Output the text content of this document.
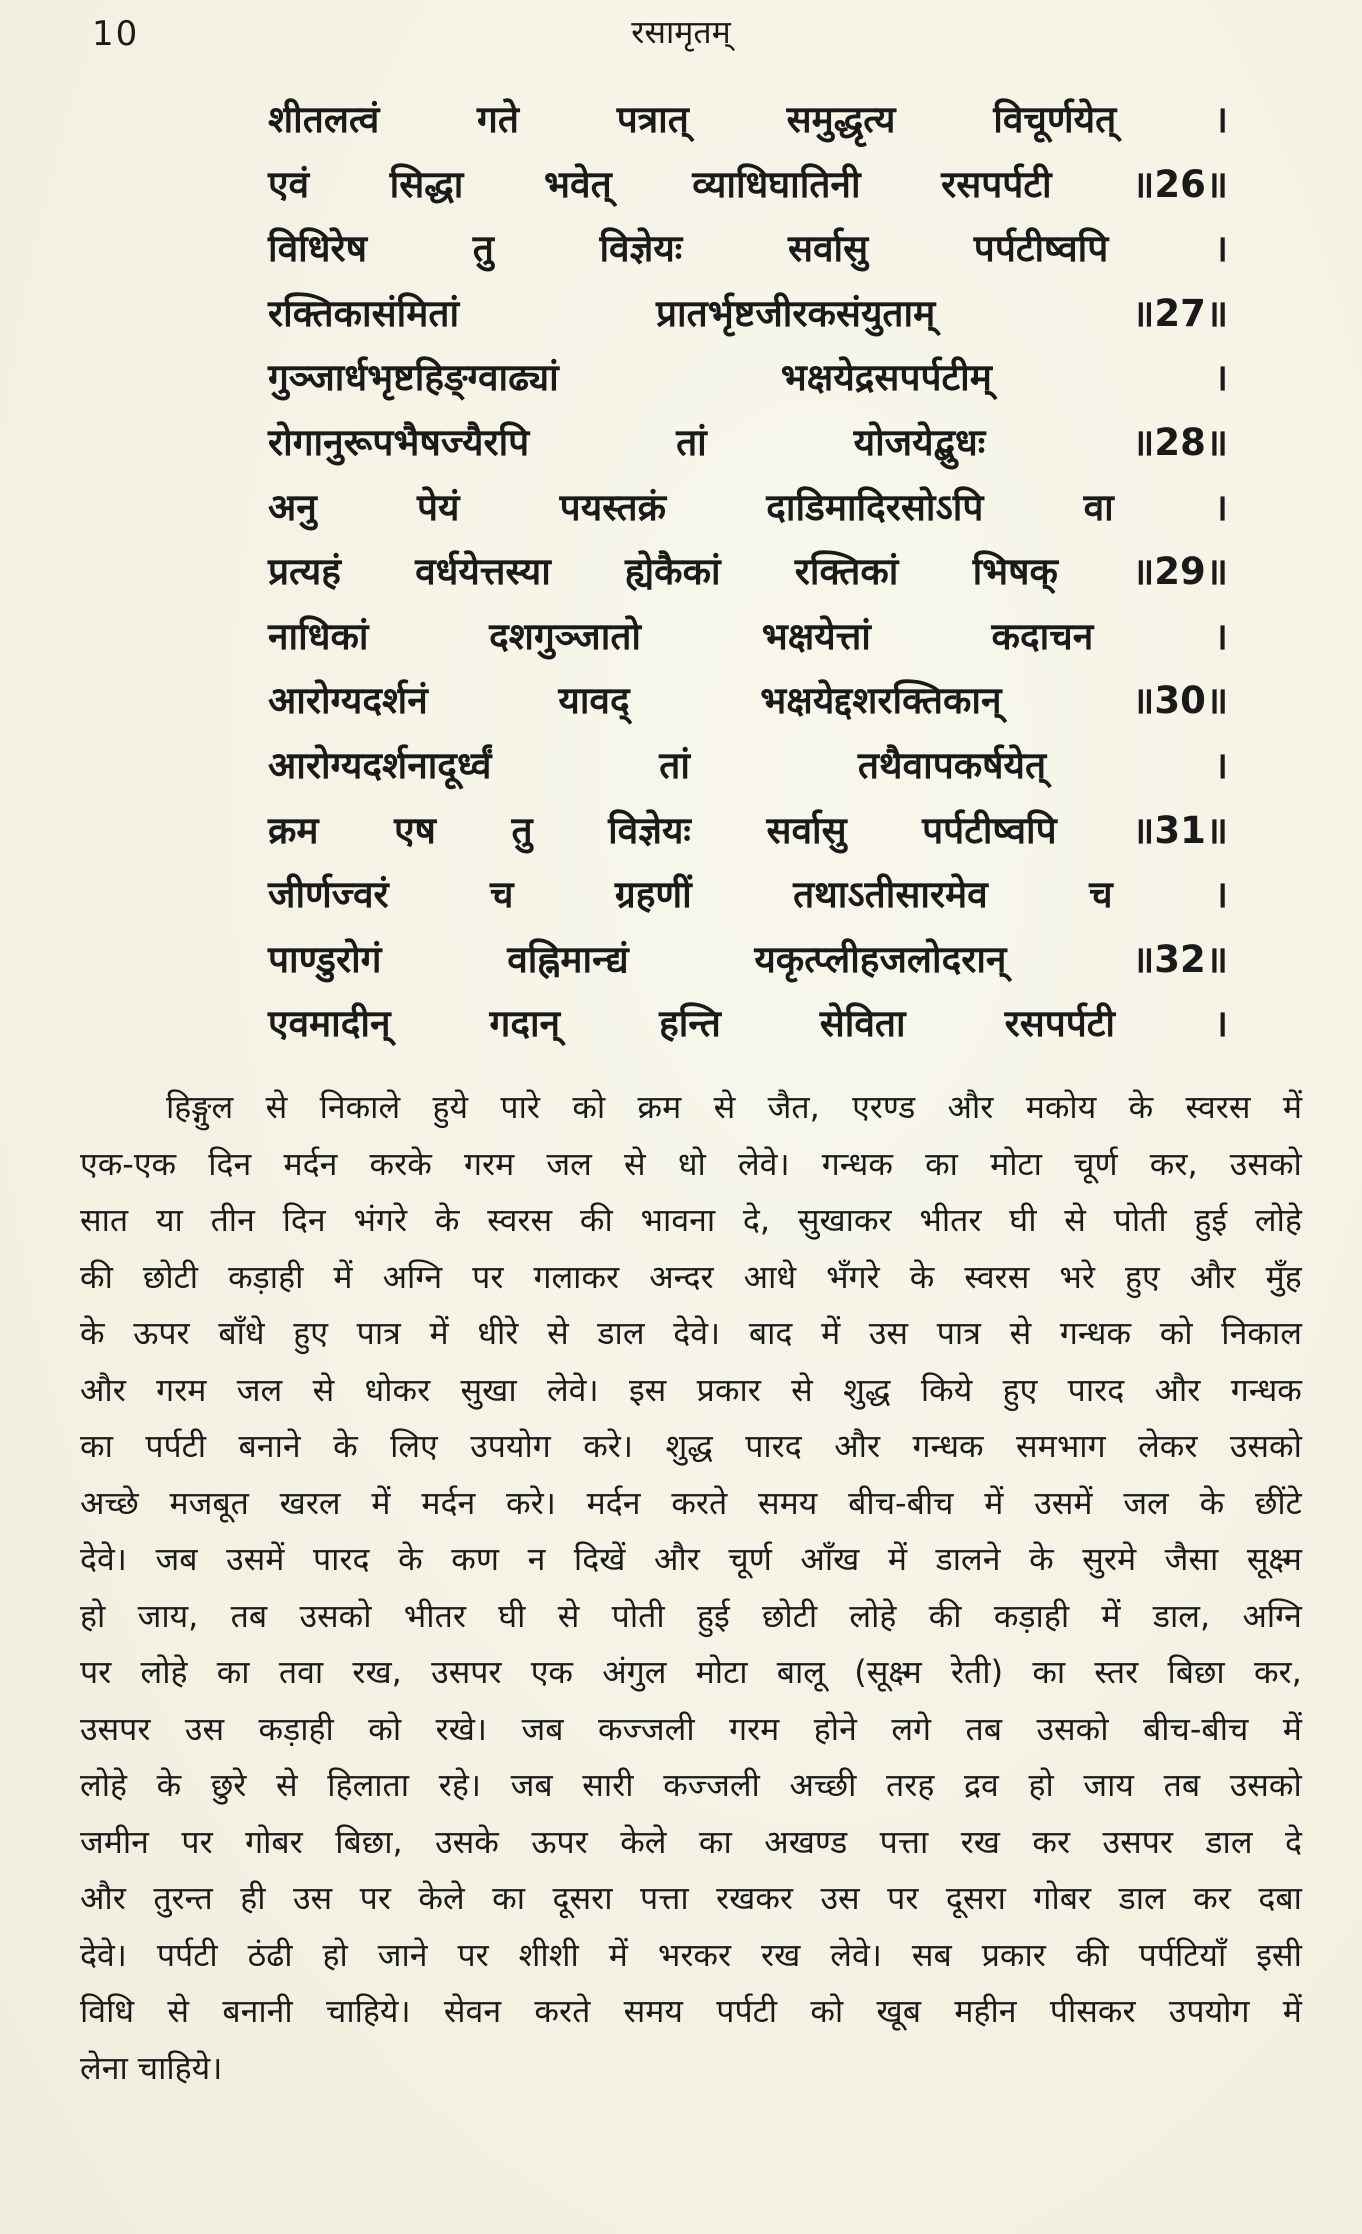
10	रसामृतम्
शीतलत्वं	गते	पत्रात्	समुद्धृत्य	विचूर्णयेत्	।
एवं सिद्धा भवेत् व्याधिघातिनी रसपर्पटी ॥26॥
विधिरेष	तु	विज्ञेयः	सर्वासु	पर्पटीष्वपि	।
रक्तिकासंमितां	प्रातर्भृष्टजीरकसंयुताम्	॥27॥
गुञ्जार्धभृष्टहिङ्ग्वाढ्यां	भक्षयेद्रसपर्पटीम्	।
रोगानुरूपभैषज्यैरपि	तां	योजयेद्बुधः	॥28॥
अनु	पेयं	पयस्तक्रं	दाडिमादिरसोऽपि	वा	।
प्रत्यहं वर्धयेत्तस्या ह्येकैकां रक्तिकां भिषक् ॥29॥
नाधिकां	दशगुञ्जातो	भक्षयेत्तां	कदाचन	।
आरोग्यदर्शनं	यावद्	भक्षयेद्दशरक्तिकान्	॥30॥
आरोग्यदर्शनादूर्ध्वं	तां	तथैवापकर्षयेत्	।
क्रम एष तु विज्ञेयः सर्वासु पर्पटीष्वपि ॥31॥
जीर्णज्वरं	च	ग्रहणीं	तथाऽतीसारमेव	च	।
पाण्डुरोगं	वह्निमान्द्यं	यकृत्प्लीहजलोदरान्	॥32॥
एवमादीन्	गदान्	हन्ति	सेविता	रसपर्पटी	।
हिङ्गुल से निकाले हुये पारे को क्रम से जैत, एरण्ड और मकोय के स्वरस में
एक-एक दिन मर्दन करके गरम जल से धो लेवे। गन्धक का मोटा चूर्ण कर, उसको
सात या तीन दिन भंगरे के स्वरस की भावना दे, सुखाकर भीतर घी से पोती हुई लोहे
की छोटी कड़ाही में अग्नि पर गलाकर अन्दर आधे भँगरे के स्वरस भरे हुए और मुँह
के ऊपर बाँधे हुए पात्र में धीरे से डाल देवे। बाद में उस पात्र से गन्धक को निकाल
और गरम जल से धोकर सुखा लेवे। इस प्रकार से शुद्ध किये हुए पारद और गन्धक
का पर्पटी बनाने के लिए उपयोग करे। शुद्ध पारद और गन्धक समभाग लेकर उसको
अच्छे मजबूत खरल में मर्दन करे। मर्दन करते समय बीच-बीच में उसमें जल के छींटे
देवे। जब उसमें पारद के कण न दिखें और चूर्ण आँख में डालने के सुरमे जैसा सूक्ष्म
हो जाय, तब उसको भीतर घी से पोती हुई छोटी लोहे की कड़ाही में डाल, अग्नि
पर लोहे का तवा रख, उसपर एक अंगुल मोटा बालू (सूक्ष्म रेती) का स्तर बिछा कर,
उसपर उस कड़ाही को रखे। जब कज्जली गरम होने लगे तब उसको बीच-बीच में
लोहे के छुरे से हिलाता रहे। जब सारी कज्जली अच्छी तरह द्रव हो जाय तब उसको
जमीन पर गोबर बिछा, उसके ऊपर केले का अखण्ड पत्ता रख कर उसपर डाल दे
और तुरन्त ही उस पर केले का दूसरा पत्ता रखकर उस पर दूसरा गोबर डाल कर दबा
देवे। पर्पटी ठंढी हो जाने पर शीशी में भरकर रख लेवे। सब प्रकार की पर्पटियाँ इसी
विधि से बनानी चाहिये। सेवन करते समय पर्पटी को खूब महीन पीसकर उपयोग में
लेना चाहिये।
